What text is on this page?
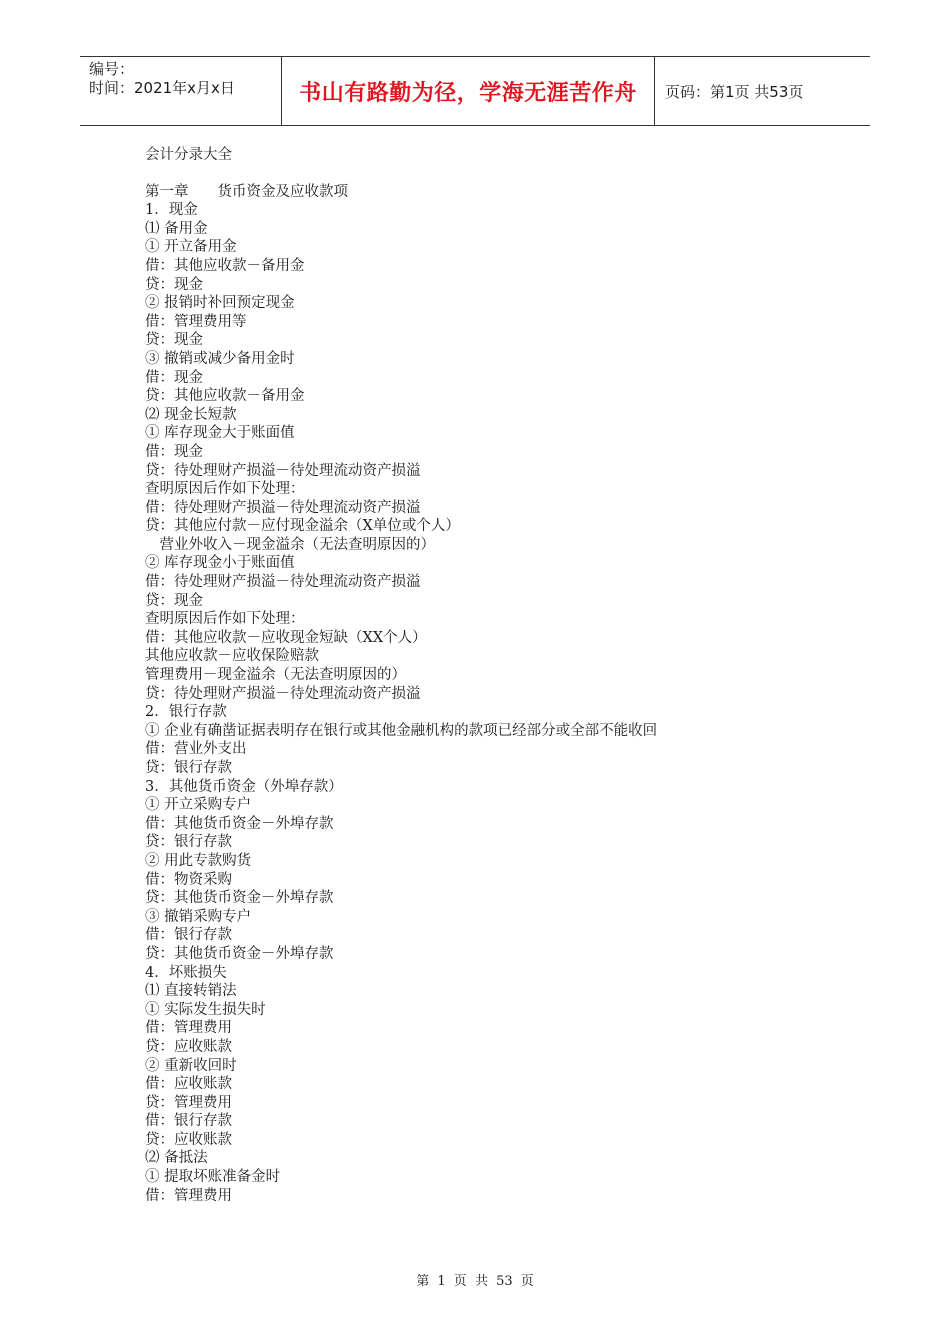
编号：
时间：2021年x月x日	书山有路勤为径，学海无涯苦作舟	页码：第1页 共53页
会计分录大全
第一章　　货币资金及应收款项
1．现金
⑴ 备用金
① 开立备用金
借：其他应收款－备用金
贷：现金
② 报销时补回预定现金
借：管理费用等
贷：现金
③ 撤销或减少备用金时
借：现金
贷：其他应收款－备用金
⑵ 现金长短款
① 库存现金大于账面值
借：现金
贷：待处理财产损溢－待处理流动资产损溢
查明原因后作如下处理：
借：待处理财产损溢－待处理流动资产损溢
贷：其他应付款－应付现金溢余（X单位或个人）
　营业外收入－现金溢余（无法查明原因的）
② 库存现金小于账面值
借：待处理财产损溢－待处理流动资产损溢
贷：现金
查明原因后作如下处理：
借：其他应收款－应收现金短缺（XX个人）
其他应收款－应收保险赔款
管理费用－现金溢余（无法查明原因的）
贷：待处理财产损溢－待处理流动资产损溢
2．银行存款
① 企业有确凿证据表明存在银行或其他金融机构的款项已经部分或全部不能收回
借：营业外支出
贷：银行存款
3．其他货币资金（外埠存款）
① 开立采购专户
借：其他货币资金－外埠存款
贷：银行存款
② 用此专款购货
借：物资采购
贷：其他货币资金－外埠存款
③ 撤销采购专户
借：银行存款
贷：其他货币资金－外埠存款
4．坏账损失
⑴ 直接转销法
① 实际发生损失时
借：管理费用
贷：应收账款
② 重新收回时
借：应收账款
贷：管理费用
借：银行存款
贷：应收账款
⑵ 备抵法
① 提取坏账准备金时
借：管理费用
第 1 页 共 53 页
